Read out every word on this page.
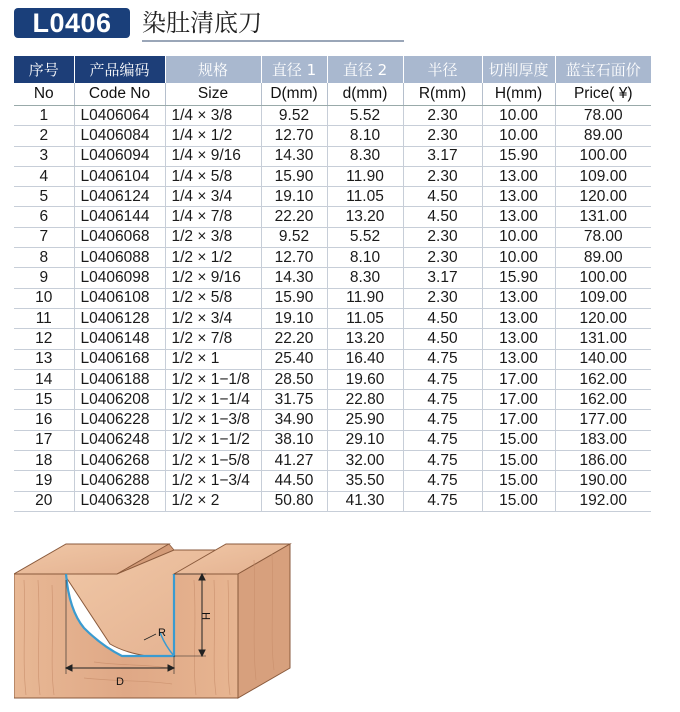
L0406	染肚清底刀
序号	产品编码	规格	直径 1	直径 2	半径	切削厚度	蓝宝石面价
No	Code No	Size	D(mm)	d(mm)	R(mm)	H(mm)	Price( ¥)
1	L0406064	1/4 × 3/8	9.52	5.52	2.30	10.00	78.00
2	L0406084	1/4 × 1/2	12.70	8.10	2.30	10.00	89.00
3	L0406094	1/4 × 9/16	14.30	8.30	3.17	15.90	100.00
4	L0406104	1/4 × 5/8	15.90	11.90	2.30	13.00	109.00
5	L0406124	1/4 × 3/4	19.10	11.05	4.50	13.00	120.00
6	L0406144	1/4 × 7/8	22.20	13.20	4.50	13.00	131.00
7	L0406068	1/2 × 3/8	9.52	5.52	2.30	10.00	78.00
8	L0406088	1/2 × 1/2	12.70	8.10	2.30	10.00	89.00
9	L0406098	1/2 × 9/16	14.30	8.30	3.17	15.90	100.00
10	L0406108	1/2 × 5/8	15.90	11.90	2.30	13.00	109.00
11	L0406128	1/2 × 3/4	19.10	11.05	4.50	13.00	120.00
12	L0406148	1/2 × 7/8	22.20	13.20	4.50	13.00	131.00
13	L0406168	1/2 × 1	25.40	16.40	4.75	13.00	140.00
14	L0406188	1/2 × 1−1/8	28.50	19.60	4.75	17.00	162.00
15	L0406208	1/2 × 1−1/4	31.75	22.80	4.75	17.00	162.00
16	L0406228	1/2 × 1−3/8	34.90	25.90	4.75	17.00	177.00
17	L0406248	1/2 × 1−1/2	38.10	29.10	4.75	15.00	183.00
18	L0406268	1/2 × 1−5/8	41.27	32.00	4.75	15.00	186.00
19	L0406288	1/2 × 1−3/4	44.50	35.50	4.75	15.00	190.00
20	L0406328	1/2 × 2	50.80	41.30	4.75	15.00	192.00
H
R
D
